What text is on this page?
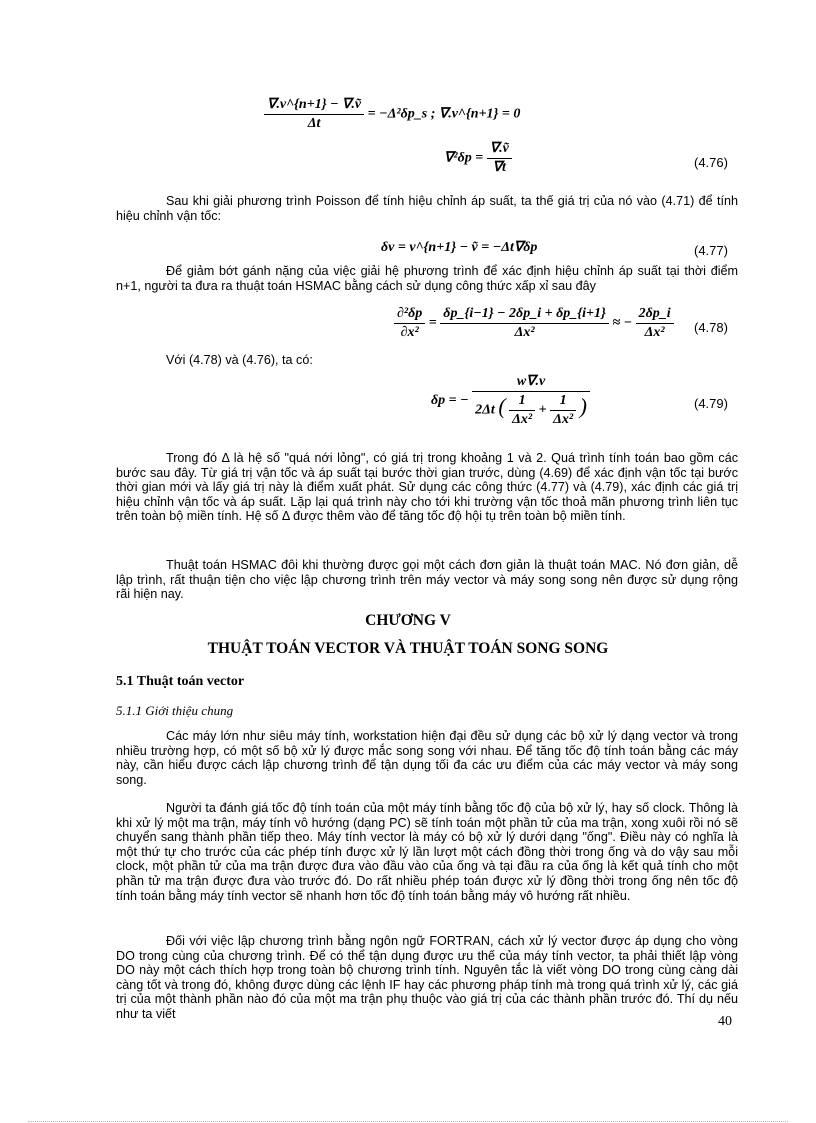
$\frac{\text{∇.v\textasciicircum{}\{n+1\} − ∇.ṽ}}{\Delta t}$ = −Δ²δp_s ; ∇.v^{n+1} = 0
$\nabla^2\delta p = \frac{\text{∇.ṽ}}{\nabla t}$	(4.76)

Sau khi giải phương trình Poisson để tính hiệu chỉnh áp suất, ta thế giá trị của nó vào (4.71) để tính hiệu chỉnh vận tốc:

δv = v^{n+1} − ṽ = −Δt∇δp	(4.77)

Để giảm bớt gánh nặng của việc giải hệ phương trình để xác định hiệu chỉnh áp suất tại thời điểm n+1, người ta đưa ra thuật toán HSMAC bằng cách sử dụng công thức xấp xỉ sau đây

$\frac{\text{∂²δp}}{\text{∂x²}} = \frac{\delta p\_\{i-1\} - 2\delta p\_i + \delta p\_\{i+1\}}{\text{Δx²}}$ ≈ − $\frac{2\delta p\_i}{\text{Δx²}} (4.78)$

Với (4.78) và (4.76), ta có:

δp = − $\frac{w\nabla.v}{2\Delta t ( \frac{1}{\text{Δx²}} + \frac{1}{\text{Δx²}} )}$	(4.79)

Trong đó Δ là hệ số "quá nới lỏng", có giá trị trong khoảng 1 và 2. Quá trình tính toán bao gồm các bước sau đây. Từ giá trị vận tốc và áp suất tại bước thời gian trước, dùng (4.69) để xác định vận tốc tại bước thời gian mới và lấy giá trị này là điểm xuất phát. Sử dụng các công thức (4.77) và (4.79), xác định các giá trị hiệu chỉnh vận tốc và áp suất. Lặp lại quá trình này cho tới khi trường vận tốc thoả mãn phương trình liên tục trên toàn bộ miền tính. Hệ số Δ được thêm vào để tăng tốc độ hội tụ trên toàn bộ miền tính.

Thuật toán HSMAC đôi khi thường được gọi một cách đơn giản là thuật toán MAC. Nó đơn giản, dễ lập trình, rất thuận tiện cho việc lập chương trình trên máy vector và máy song song nên được sử dụng rộng rãi hiện nay.

CHƯƠNG V
THUẬT TOÁN VECTOR VÀ THUẬT TOÁN SONG SONG
5.1 Thuật toán vector
5.1.1 Giới thiệu chung

Các máy lớn như siêu máy tính, workstation hiện đại đều sử dụng các bộ xử lý dạng vector và trong nhiều trường hợp, có một số bộ xử lý được mắc song song với nhau. Để tăng tốc độ tính toán bằng các máy này, cần hiểu được cách lập chương trình để tận dụng tối đa các ưu điểm của các máy vector và máy song song.

Người ta đánh giá tốc độ tính toán của một máy tính bằng tốc độ của bộ xử lý, hay số clock. Thông là khi xử lý một ma trận, máy tính vô hướng (dạng PC) sẽ tính toán một phần tử của ma trận, xong xuôi rồi nó sẽ chuyển sang thành phần tiếp theo. Máy tính vector là máy có bộ xử lý dưới dạng "ống". Điều này có nghĩa là một thứ tự cho trước của các phép tính được xử lý lần lượt một cách đồng thời trong ống và do vậy sau mỗi clock, một phần tử của ma trận được đưa vào đầu vào của ống và tại đầu ra của ống là kết quả tính cho một phần tử ma trận được đưa vào trước đó. Do rất nhiều phép toán được xử lý đồng thời trong ống nên tốc độ tính toán bằng máy tính vector sẽ nhanh hơn tốc độ tính toán bằng máy vô hướng rất nhiều.

Đối với việc lập chương trình bằng ngôn ngữ FORTRAN, cách xử lý vector được áp dụng cho vòng DO trong cùng của chương trình. Để có thể tận dụng được ưu thế của máy tính vector, ta phải thiết lập vòng DO này một cách thích hợp trong toàn bộ chương trình tính. Nguyên tắc là viết vòng DO trong cùng càng dài càng tốt và trong đó, không được dùng các lệnh IF hay các phương pháp tính mà trong quá trình xử lý, các giá trị của một thành phần nào đó của một ma trận phụ thuộc vào giá trị của các thành phần trước đó. Thí dụ nếu như ta viết

40
